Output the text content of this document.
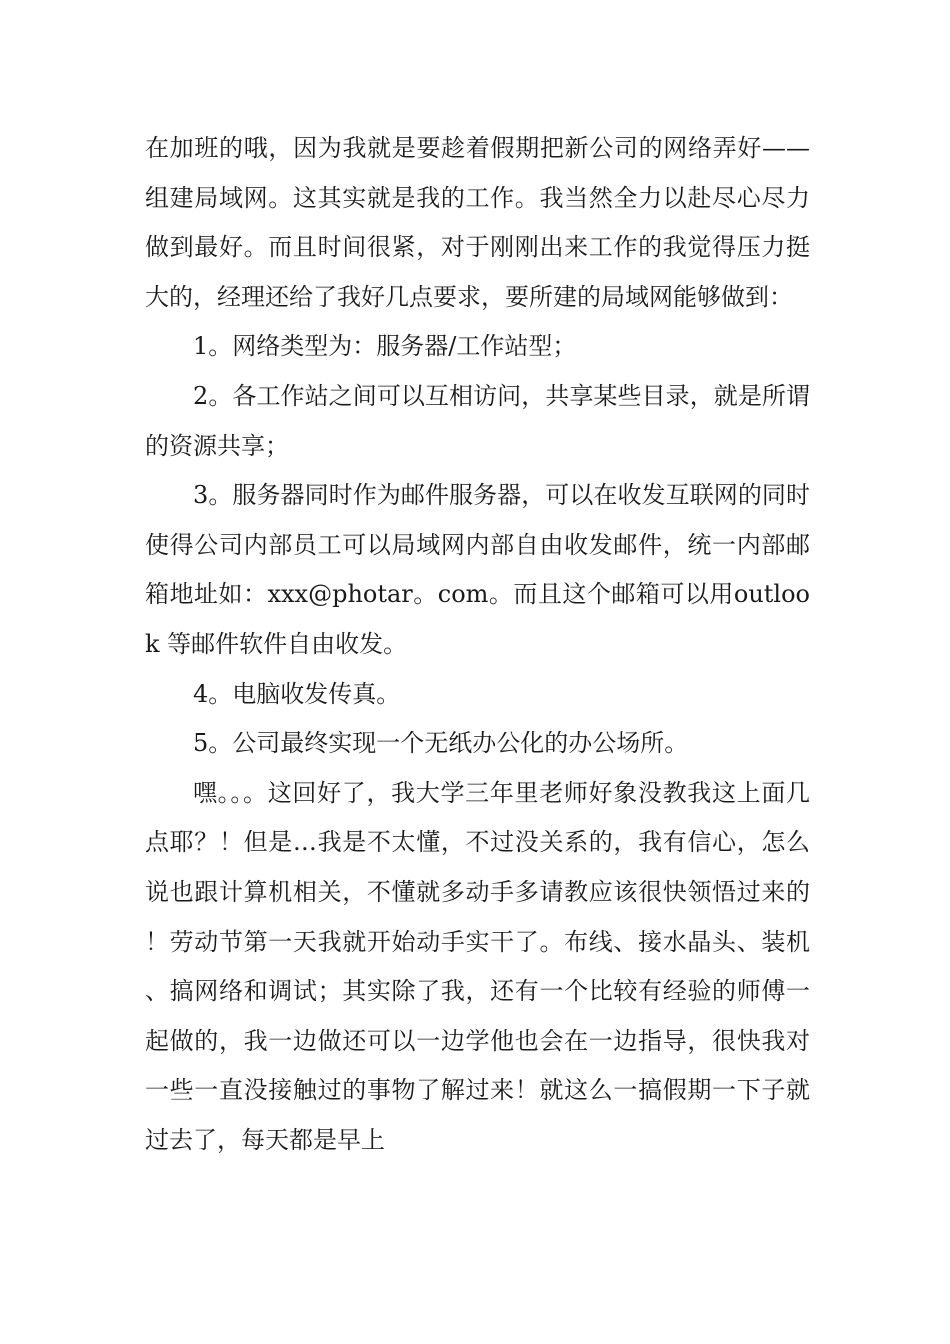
在加班的哦，因为我就是要趁着假期把新公司的网络弄好——组建局域网。这其实就是我的工作。我当然全力以赴尽心尽力做到最好。而且时间很紧，对于刚刚出来工作的我觉得压力挺大的，经理还给了我好几点要求，要所建的局域网能够做到：

1。网络类型为：服务器/工作站型；

2。各工作站之间可以互相访问，共享某些目录，就是所谓的资源共享；

3。服务器同时作为邮件服务器，可以在收发互联网的同时使得公司内部员工可以局域网内部自由收发邮件，统一内部邮箱地址如：xxx@photar。com。而且这个邮箱可以用outlook 等邮件软件自由收发。

4。电脑收发传真。

5。公司最终实现一个无纸办公化的办公场所。

嘿。。。这回好了，我大学三年里老师好象没教我这上面几点耶？！但是…我是不太懂，不过没关系的，我有信心，怎么说也跟计算机相关，不懂就多动手多请教应该很快领悟过来的！劳动节第一天我就开始动手实干了。布线、接水晶头、装机、搞网络和调试；其实除了我，还有一个比较有经验的师傅一起做的，我一边做还可以一边学他也会在一边指导，很快我对一些一直没接触过的事物了解过来！就这么一搞假期一下子就过去了，每天都是早上
